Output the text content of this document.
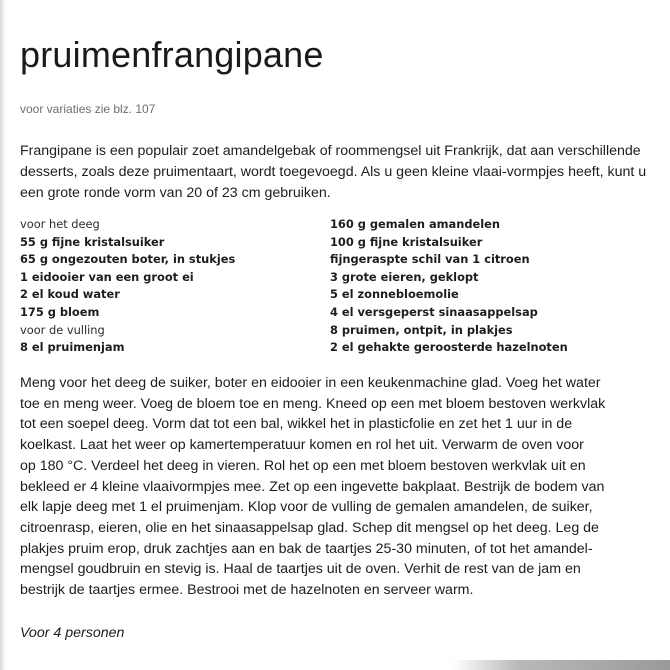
pruimenfrangipane
voor variaties zie blz. 107

Frangipane is een populair zoet amandelgebak of roommengsel uit Frankrijk, dat aan verschillende desserts, zoals deze pruimentaart, wordt toegevoegd. Als u geen kleine vlaai-vormpjes heeft, kunt u een grote ronde vorm van 20 of 23 cm gebruiken.

voor het deeg
55 g fijne kristalsuiker
65 g ongezouten boter, in stukjes
1 eidooier van een groot ei
2 el koud water
175 g bloem
voor de vulling
8 el pruimenjam
160 g gemalen amandelen
100 g fijne kristalsuiker
fijngeraspte schil van 1 citroen
3 grote eieren, geklopt
5 el zonnebloemolie
4 el versgeperst sinaasappelsap
8 pruimen, ontpit, in plakjes
2 el gehakte geroosterde hazelnoten

Meng voor het deeg de suiker, boter en eidooier in een keukenmachine glad. Voeg het water
toe en meng weer. Voeg de bloem toe en meng. Kneed op een met bloem bestoven werkvlak
tot een soepel deeg. Vorm dat tot een bal, wikkel het in plasticfolie en zet het 1 uur in de
koelkast. Laat het weer op kamertemperatuur komen en rol het uit. Verwarm de oven voor
op 180 °C. Verdeel het deeg in vieren. Rol het op een met bloem bestoven werkvlak uit en
bekleed er 4 kleine vlaaivormpjes mee. Zet op een ingevette bakplaat. Bestrijk de bodem van
elk lapje deeg met 1 el pruimenjam. Klop voor de vulling de gemalen amandelen, de suiker,
citroenrasp, eieren, olie en het sinaasappelsap glad. Schep dit mengsel op het deeg. Leg de
plakjes pruim erop, druk zachtjes aan en bak de taartjes 25-30 minuten, of tot het amandel-
mengsel goudbruin en stevig is. Haal de taartjes uit de oven. Verhit de rest van de jam en
bestrijk de taartjes ermee. Bestrooi met de hazelnoten en serveer warm.

Voor 4 personen
